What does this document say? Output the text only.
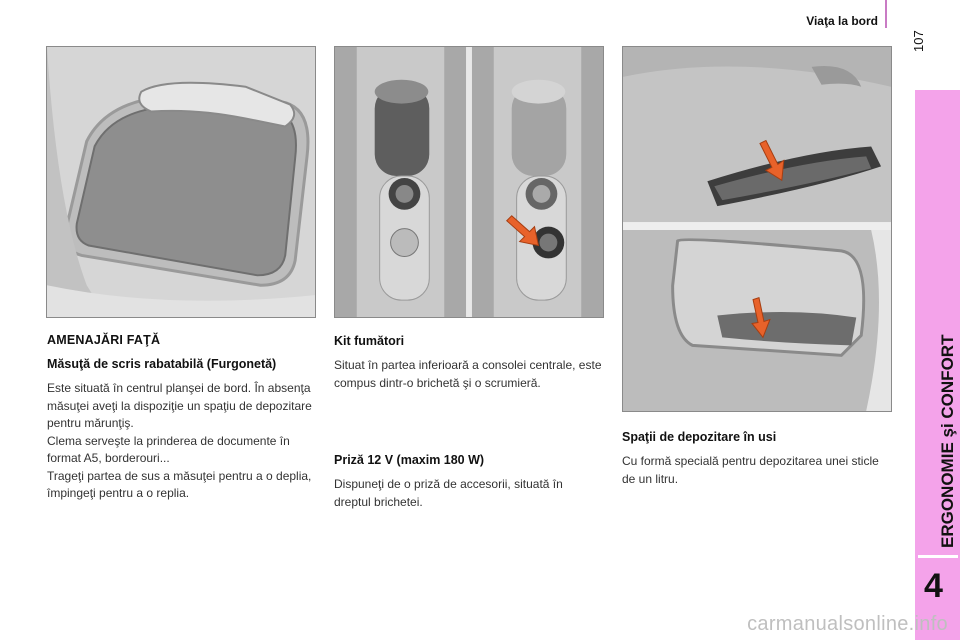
Viaţa la bord
107
ERGONOMIE şi CONFORT
4
AMENAJĂRI FAŢĂ
Măsuţă de scris rabatabilă (Furgonetă)
Este situată în centrul planşei de bord. În absenţa măsuţei aveţi la dispoziţie un spaţiu de depozitare pentru mărunţiş.
Clema serveşte la prinderea de documente în format A5, borderouri...
Trageţi partea de sus a măsuţei pentru a o deplia, împingeţi pentru a o replia.
Kit fumători
Situat în partea inferioară a consolei centrale, este compus dintr-o brichetă şi o scrumieră.
Priză 12 V (maxim 180 W)
Dispuneţi de o priză de accesorii, situată în dreptul brichetei.
Spaţii de depozitare în usi
Cu formă specială pentru depozitarea unei sticle de un litru.
carmanualsonline.info
